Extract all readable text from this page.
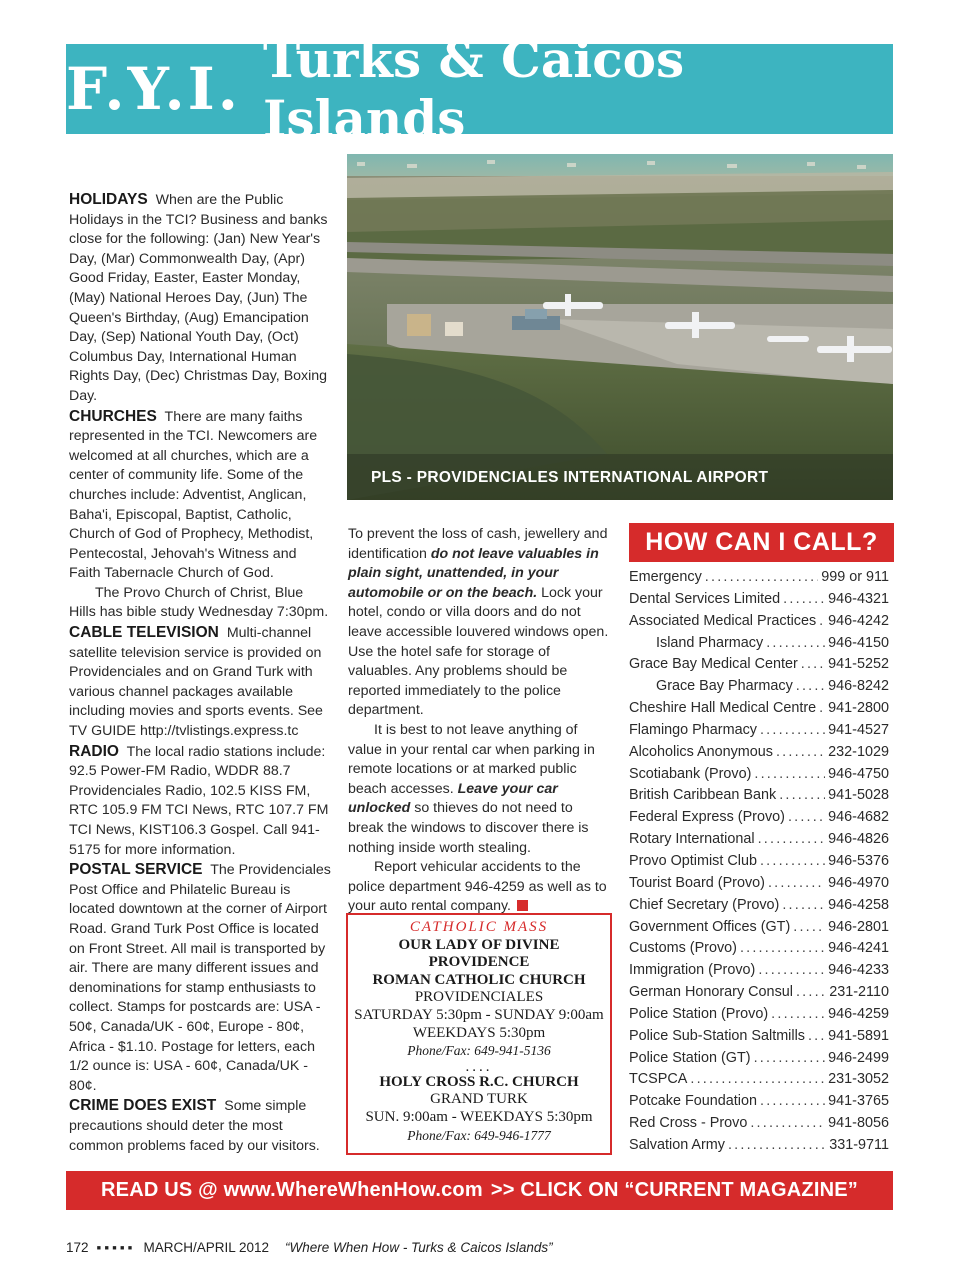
F.Y.I. Turks & Caicos Islands
PLS - PROVIDENCIALES INTERNATIONAL AIRPORT

HOLIDAYS When are the Public Holidays in the TCI? Business and banks close for the following: (Jan) New Year's Day, (Mar) Commonwealth Day, (Apr) Good Friday, Easter, Easter Monday, (May) National Heroes Day, (Jun) The Queen's Birthday, (Aug) Emancipation Day, (Sep) National Youth Day, (Oct) Columbus Day, International Human Rights Day, (Dec) Christmas Day, Boxing Day.

CHURCHES There are many faiths represented in the TCI. Newcomers are welcomed at all churches, which are a center of community life. Some of the churches include: Adventist, Anglican, Baha'i, Episcopal, Baptist, Catholic, Church of God of Prophecy, Methodist, Pentecostal, Jehovah's Witness and Faith Tabernacle Church of God.

The Provo Church of Christ, Blue Hills has bible study Wednesday 7:30pm.

CABLE TELEVISION Multi-channel satellite television service is provided on Providenciales and on Grand Turk with various channel packages available including movies and sports events. See TV GUIDE http://tvlistings.express.tc

RADIO The local radio stations include: 92.5 Power-FM Radio, WDDR 88.7 Providenciales Radio, 102.5 KISS FM, RTC 105.9 FM TCI News, RTC 107.7 FM TCI News, KIST106.3 Gospel. Call 941-5175 for more information.

POSTAL SERVICE The Providenciales Post Office and Philatelic Bureau is located downtown at the corner of Airport Road. Grand Turk Post Office is located on Front Street. All mail is transported by air. There are many different issues and denominations for stamp enthusiasts to collect. Stamps for postcards are: USA - 50¢, Canada/UK - 60¢, Europe - 80¢, Africa - $1.10. Postage for letters, each 1/2 ounce is: USA - 60¢, Canada/UK - 80¢.

CRIME DOES EXIST Some simple precautions should deter the most common problems faced by our visitors.

To prevent the loss of cash, jewellery and identification do not leave valuables in plain sight, unattended, in your automobile or on the beach. Lock your hotel, condo or villa doors and do not leave accessible louvered windows open. Use the hotel safe for storage of valuables. Any problems should be reported immediately to the police department.

It is best to not leave anything of value in your rental car when parking in remote locations or at marked public beach accesses. Leave your car unlocked so thieves do not need to break the windows to discover there is nothing inside worth stealing.

Report vehicular accidents to the police department 946-4259 as well as to your auto rental company.

CATHOLIC MASS
OUR LADY OF DIVINE
PROVIDENCE
ROMAN CATHOLIC CHURCH
PROVIDENCIALES
SATURDAY 5:30pm - SUNDAY 9:00am
WEEKDAYS 5:30pm
Phone/Fax: 649-941-5136
....
HOLY CROSS R.C. CHURCH
GRAND TURK
SUN. 9:00am - WEEKDAYS 5:30pm
Phone/Fax: 649-946-1777
HOW CAN I CALL?
Emergency .....	999 or 911
Dental Services Limited .....	946-4321
Associated Medical Practices ..... 946-4242
Island Pharmacy .....	946-4150
Grace Bay Medical Center ..... 941-5252
Grace Bay Pharmacy ..... 946-8242
Cheshire Hall Medical Centre ..... 941-2800
Flamingo Pharmacy .....	941-4527
Alcoholics Anonymous .....	232-1029
Scotiabank (Provo) .....	946-4750
British Caribbean Bank .....	941-5028
Federal Express (Provo) .....	946-4682
Rotary International .....	946-4826
Provo Optimist Club .....	946-5376
Tourist Board (Provo) .....	946-4970
Chief Secretary (Provo) .....	946-4258
Government Offices (GT) .....	946-2801
Customs (Provo) .....	946-4241
Immigration (Provo) .....	946-4233
German Honorary Consul .....	231-2110
Police Station (Provo) .....	946-4259
Police Sub-Station Saltmills ..... 941-5891
Police Station (GT) .....	946-2499
TCSPCA .....	231-3052
Potcake Foundation .....	941-3765
Red Cross - Provo .....	941-8056
Salvation Army .....	331-9711
READ US @ www.WhereWhenHow.com >> CLICK ON “CURRENT MAGAZINE”
172 ▪▪▪▪▪ MARCH/APRIL 2012 “Where When How - Turks & Caicos Islands”
